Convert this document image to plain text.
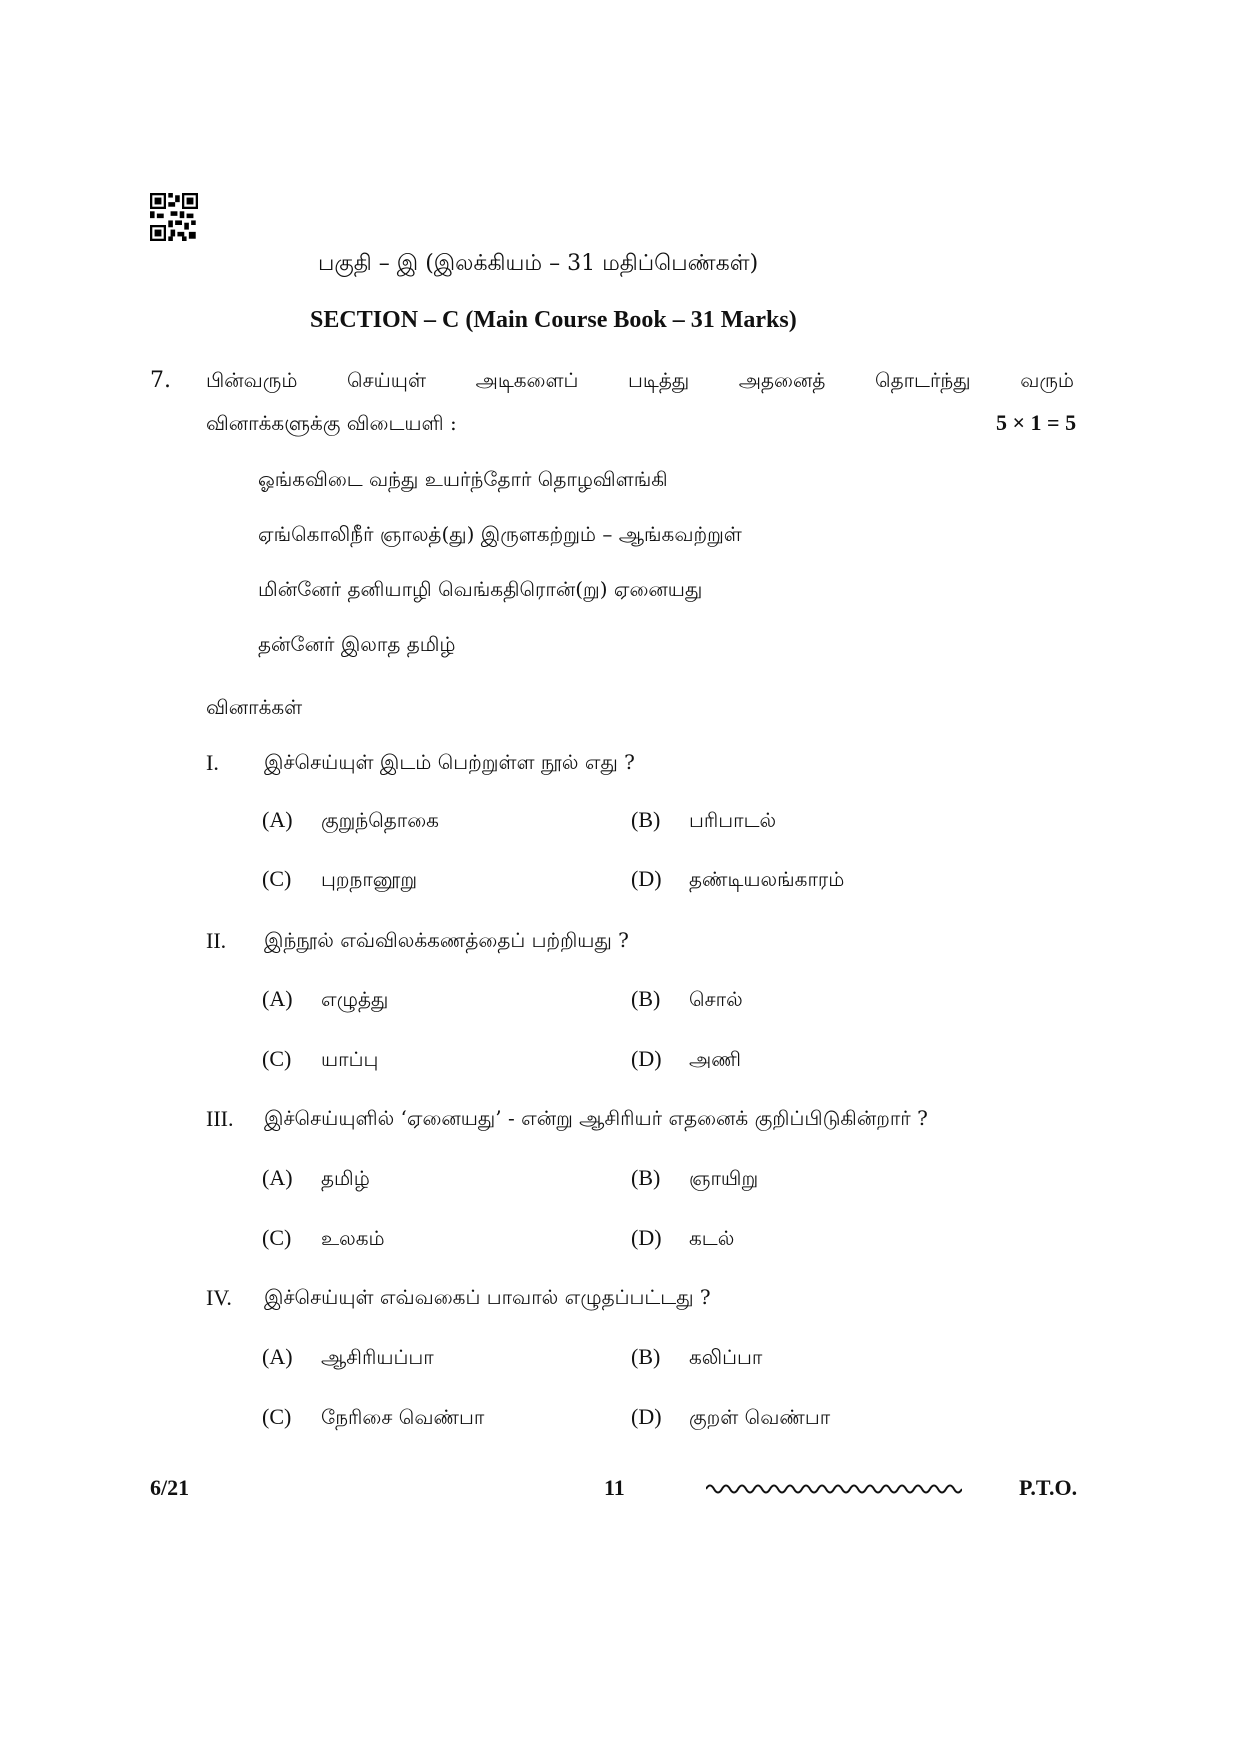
பகுதி – இ (இலக்கியம் – 31 மதிப்பெண்கள்)
SECTION – C (Main Course Book – 31 Marks)
7. பின்வரும் செய்யுள் அடிகளைப் படித்து அதனைத் தொடர்ந்து வரும்
வினாக்களுக்கு விடையளி :	5 × 1 = 5
ஓங்கவிடை வந்து உயர்ந்தோர் தொழவிளங்கி
ஏங்கொலிநீர் ஞாலத்(து) இருளகற்றும் – ஆங்கவற்றுள்
மின்னேர் தனியாழி வெங்கதிரொன்(று) ஏனையது
தன்னேர் இலாத தமிழ்
வினாக்கள்
I. இச்செய்யுள் இடம் பெற்றுள்ள நூல் எது ?
(A) குறுந்தொகை	(B) பரிபாடல்
(C) புறநானூறு	(D) தண்டியலங்காரம்
II. இந்நூல் எவ்விலக்கணத்தைப் பற்றியது ?
(A) எழுத்து	(B) சொல்
(C) யாப்பு	(D) அணி
III. இச்செய்யுளில் ‘ஏனையது’ - என்று ஆசிரியர் எதனைக் குறிப்பிடுகின்றார் ?
(A) தமிழ்	(B) ஞாயிறு
(C) உலகம்	(D) கடல்
IV. இச்செய்யுள் எவ்வகைப் பாவால் எழுதப்பட்டது ?
(A) ஆசிரியப்பா	(B) கலிப்பா
(C) நேரிசை வெண்பா	(D) குறள் வெண்பா
6/21	11	P.T.O.
